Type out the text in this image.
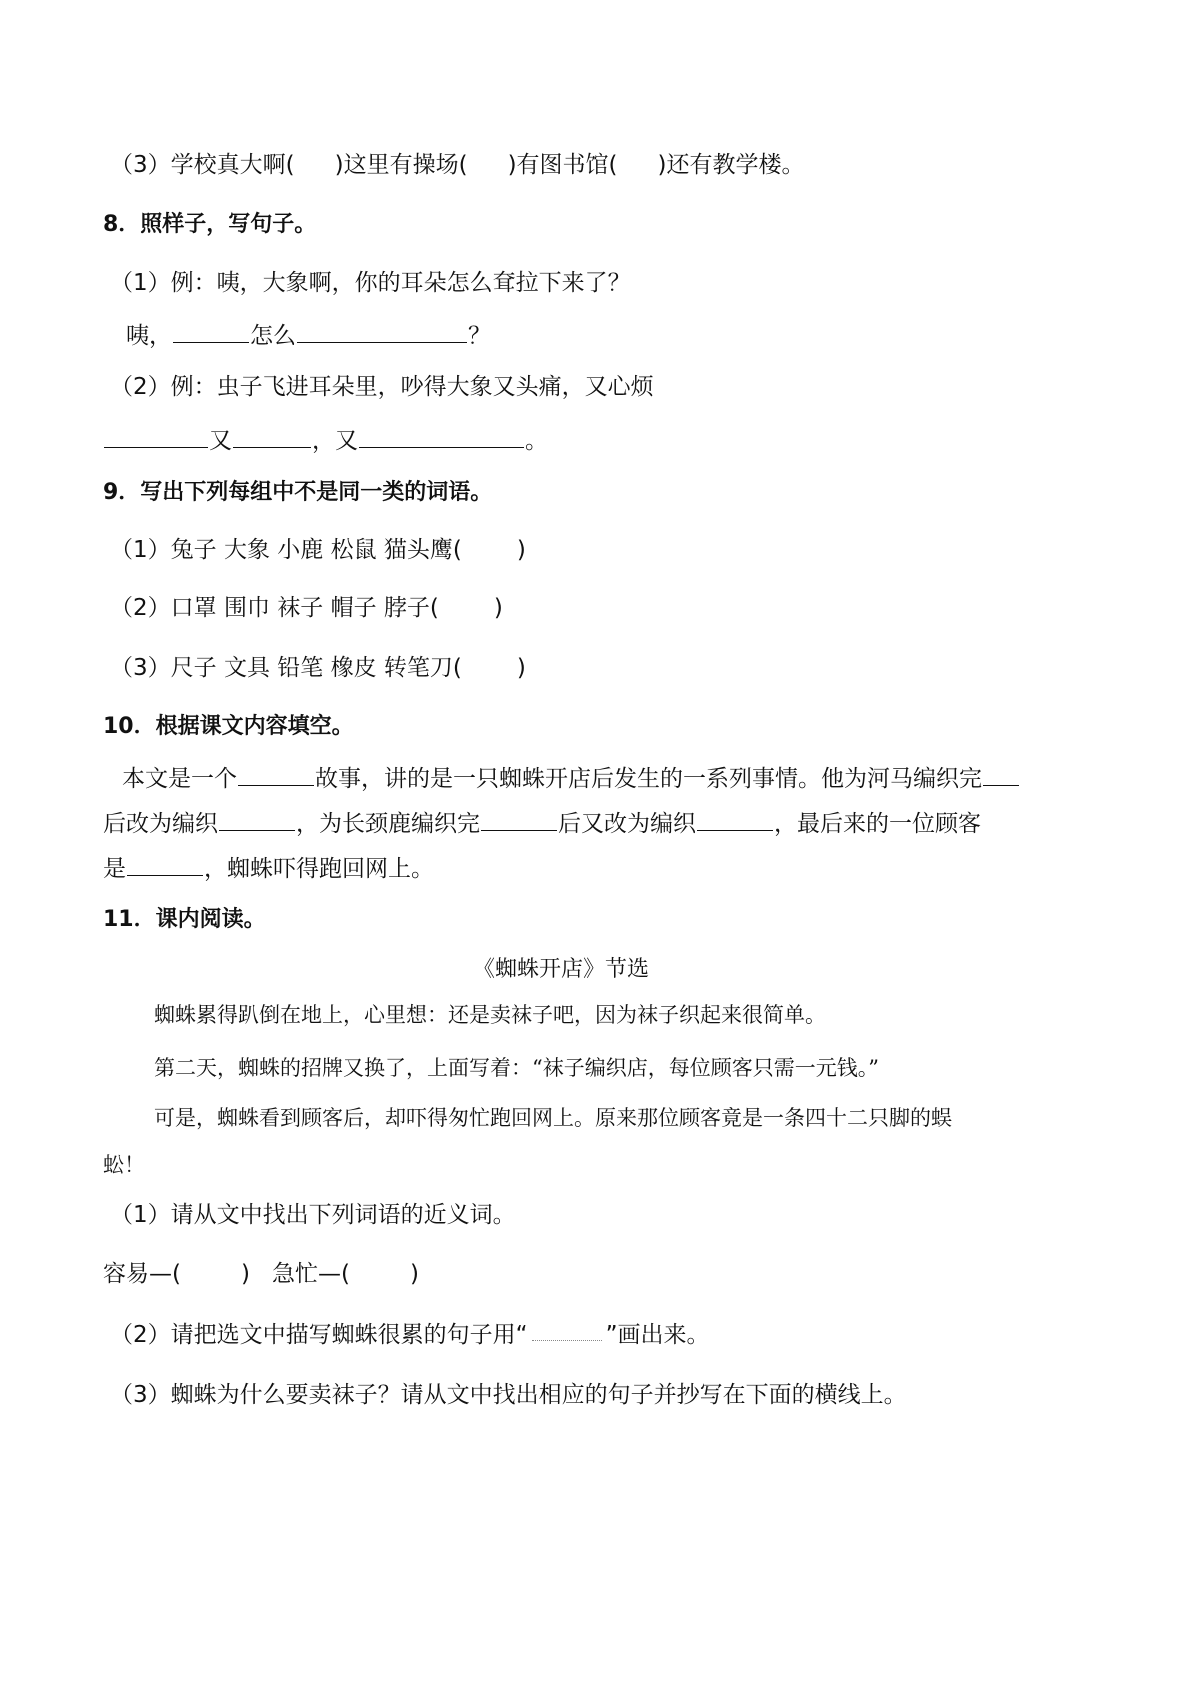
（3）学校真大啊( )这里有操场( )有图书馆( )还有教学楼。
8．照样子，写句子。
（1）例：咦，大象啊，你的耳朵怎么耷拉下来了？
咦，	怎么	？
（2）例：虫子飞进耳朵里，吵得大象又头痛，又心烦
又	，又	。
9．写出下列每组中不是同一类的词语。
（1）兔子 大象 小鹿 松鼠 猫头鹰( )
（2）口罩 围巾 袜子 帽子 脖子( )
（3）尺子 文具 铅笔 橡皮 转笔刀( )
10．根据课文内容填空。
本文是一个	故事，讲的是一只蜘蛛开店后发生的一系列事情。他为河马编织完
后改为编织	，为长颈鹿编织完	后又改为编织	，最后来的一位顾客
是	，蜘蛛吓得跑回网上。
11．课内阅读。
《蜘蛛开店》节选
蜘蛛累得趴倒在地上，心里想：还是卖袜子吧，因为袜子织起来很简单。
第二天，蜘蛛的招牌又换了，上面写着：“袜子编织店，每位顾客只需一元钱。”
可是，蜘蛛看到顾客后，却吓得匆忙跑回网上。原来那位顾客竟是一条四十二只脚的蜈
蚣！
（1）请从文中找出下列词语的近义词。
容易—(	) 急忙—(	)
（2）请把选文中描写蜘蛛很累的句子用“	”画出来。
（3）蜘蛛为什么要卖袜子？请从文中找出相应的句子并抄写在下面的横线上。
